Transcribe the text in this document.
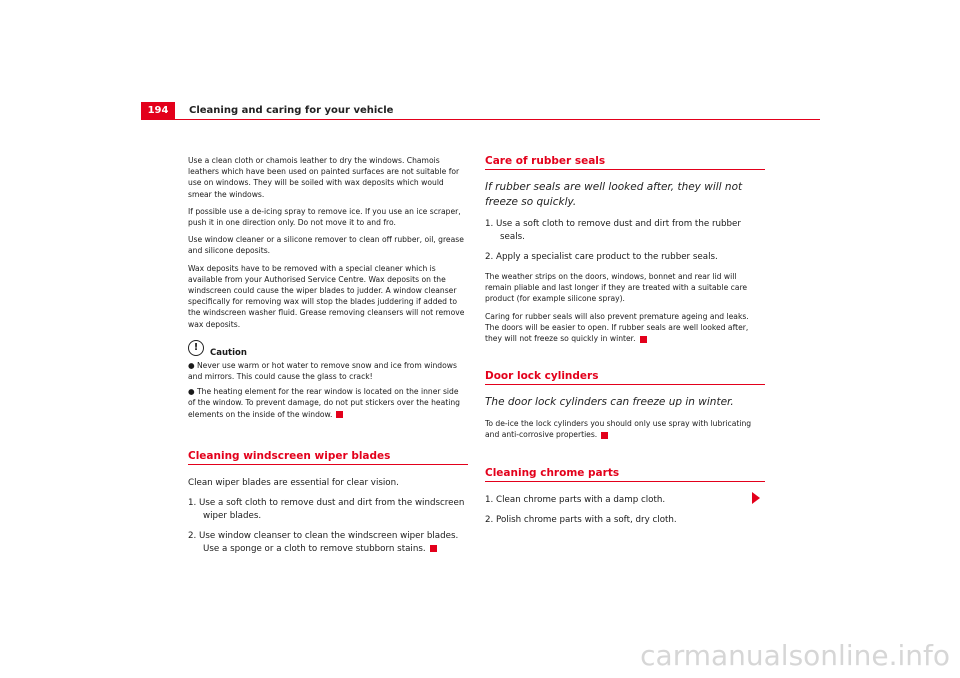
194	Cleaning and caring for your vehicle

Use a clean cloth or chamois leather to dry the windows. Chamois leathers which have been used on painted surfaces are not suitable for use on windows. They will be soiled with wax deposits which would smear the windows.

If possible use a de-icing spray to remove ice. If you use an ice scraper, push it in one direction only. Do not move it to and fro.

Use window cleaner or a silicone remover to clean off rubber, oil, grease and silicone deposits.

Wax deposits have to be removed with a special cleaner which is available from your Authorised Service Centre. Wax deposits on the windscreen could cause the wiper blades to judder. A window cleanser specifically for removing wax will stop the blades juddering if added to the windscreen washer fluid. Grease removing cleansers will not remove wax deposits.

!	Caution

● Never use warm or hot water to remove snow and ice from windows and mirrors. This could cause the glass to crack!

● The heating element for the rear window is located on the inner side of the window. To prevent damage, do not put stickers over the heating elements on the inside of the window.

Cleaning windscreen wiper blades

Clean wiper blades are essential for clear vision.

1. Use a soft cloth to remove dust and dirt from the windscreen wiper blades.
2. Use window cleanser to clean the windscreen wiper blades. Use a sponge or a cloth to remove stubborn stains.
Care of rubber seals

If rubber seals are well looked after, they will not freeze so quickly.

1. Use a soft cloth to remove dust and dirt from the rubber seals.
2. Apply a specialist care product to the rubber seals.

The weather strips on the doors, windows, bonnet and rear lid will remain pliable and last longer if they are treated with a suitable care product (for example silicone spray).

Caring for rubber seals will also prevent premature ageing and leaks. The doors will be easier to open. If rubber seals are well looked after, they will not freeze so quickly in winter.

Door lock cylinders

The door lock cylinders can freeze up in winter.

To de-ice the lock cylinders you should only use spray with lubricating and anti-corrosive properties.

Cleaning chrome parts
1. Clean chrome parts with a damp cloth.
2. Polish chrome parts with a soft, dry cloth.
carmanualsonline.info
